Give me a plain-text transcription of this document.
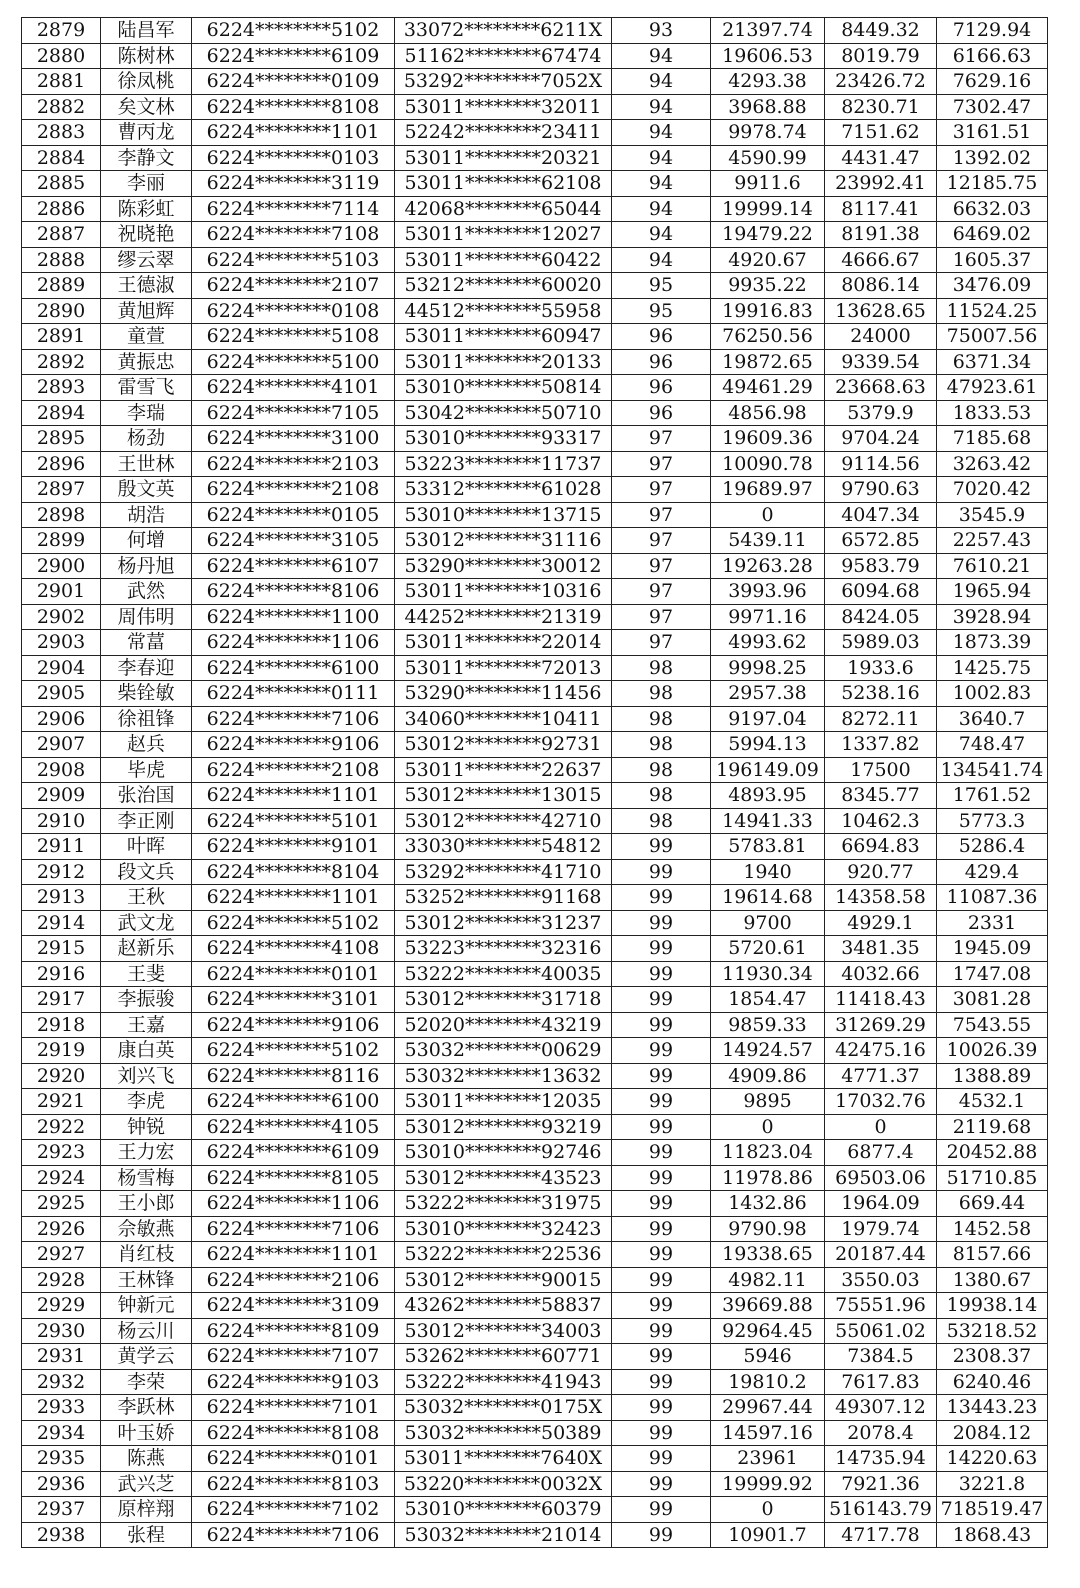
2879	陆昌军	6224********5102	33072********6211X	93	21397.74	8449.32	7129.94
2880	陈树林	6224********6109	51162********67474	94	19606.53	8019.79	6166.63
2881	徐凤桃	6224********0109	53292********7052X	94	4293.38	23426.72	7629.16
2882	矣文林	6224********8108	53011********32011	94	3968.88	8230.71	7302.47
2883	曹丙龙	6224********1101	52242********23411	94	9978.74	7151.62	3161.51
2884	李静文	6224********0103	53011********20321	94	4590.99	4431.47	1392.02
2885	李丽	6224********3119	53011********62108	94	9911.6	23992.41	12185.75
2886	陈彩虹	6224********7114	42068********65044	94	19999.14	8117.41	6632.03
2887	祝晓艳	6224********7108	53011********12027	94	19479.22	8191.38	6469.02
2888	缪云翠	6224********5103	53011********60422	94	4920.67	4666.67	1605.37
2889	王德淑	6224********2107	53212********60020	95	9935.22	8086.14	3476.09
2890	黄旭辉	6224********0108	44512********55958	95	19916.83	13628.65	11524.25
2891	童萱	6224********5108	53011********60947	96	76250.56	24000	75007.56
2892	黄振忠	6224********5100	53011********20133	96	19872.65	9339.54	6371.34
2893	雷雪飞	6224********4101	53010********50814	96	49461.29	23668.63	47923.61
2894	李瑞	6224********7105	53042********50710	96	4856.98	5379.9	1833.53
2895	杨劲	6224********3100	53010********93317	97	19609.36	9704.24	7185.68
2896	王世林	6224********2103	53223********11737	97	10090.78	9114.56	3263.42
2897	殷文英	6224********2108	53312********61028	97	19689.97	9790.63	7020.42
2898	胡浩	6224********0105	53010********13715	97	0	4047.34	3545.9
2899	何增	6224********3105	53012********31116	97	5439.11	6572.85	2257.43
2900	杨丹旭	6224********6107	53290********30012	97	19263.28	9583.79	7610.21
2901	武然	6224********8106	53011********10316	97	3993.96	6094.68	1965.94
2902	周伟明	6224********1100	44252********21319	97	9971.16	8424.05	3928.94
2903	常葍	6224********1106	53011********22014	97	4993.62	5989.03	1873.39
2904	李春迎	6224********6100	53011********72013	98	9998.25	1933.6	1425.75
2905	柴铨敏	6224********0111	53290********11456	98	2957.38	5238.16	1002.83
2906	徐祖锋	6224********7106	34060********10411	98	9197.04	8272.11	3640.7
2907	赵兵	6224********9106	53012********92731	98	5994.13	1337.82	748.47
2908	毕虎	6224********2108	53011********22637	98	196149.09	17500	134541.74
2909	张治国	6224********1101	53012********13015	98	4893.95	8345.77	1761.52
2910	李正刚	6224********5101	53012********42710	98	14941.33	10462.3	5773.3
2911	叶晖	6224********9101	33030********54812	99	5783.81	6694.83	5286.4
2912	段文兵	6224********8104	53292********41710	99	1940	920.77	429.4
2913	王秋	6224********1101	53252********91168	99	19614.68	14358.58	11087.36
2914	武文龙	6224********5102	53012********31237	99	9700	4929.1	2331
2915	赵新乐	6224********4108	53223********32316	99	5720.61	3481.35	1945.09
2916	王斐	6224********0101	53222********40035	99	11930.34	4032.66	1747.08
2917	李振骏	6224********3101	53012********31718	99	1854.47	11418.43	3081.28
2918	王嘉	6224********9106	52020********43219	99	9859.33	31269.29	7543.55
2919	康白英	6224********5102	53032********00629	99	14924.57	42475.16	10026.39
2920	刘兴飞	6224********8116	53032********13632	99	4909.86	4771.37	1388.89
2921	李虎	6224********6100	53011********12035	99	9895	17032.76	4532.1
2922	钟锐	6224********4105	53012********93219	99	0	0	2119.68
2923	王力宏	6224********6109	53010********92746	99	11823.04	6877.4	20452.88
2924	杨雪梅	6224********8105	53012********43523	99	11978.86	69503.06	51710.85
2925	王小郎	6224********1106	53222********31975	99	1432.86	1964.09	669.44
2926	佘敏燕	6224********7106	53010********32423	99	9790.98	1979.74	1452.58
2927	肖红枝	6224********1101	53222********22536	99	19338.65	20187.44	8157.66
2928	王林锋	6224********2106	53012********90015	99	4982.11	3550.03	1380.67
2929	钟新元	6224********3109	43262********58837	99	39669.88	75551.96	19938.14
2930	杨云川	6224********8109	53012********34003	99	92964.45	55061.02	53218.52
2931	黄学云	6224********7107	53262********60771	99	5946	7384.5	2308.37
2932	李荣	6224********9103	53222********41943	99	19810.2	7617.83	6240.46
2933	李跃林	6224********7101	53032********0175X	99	29967.44	49307.12	13443.23
2934	叶玉娇	6224********8108	53032********50389	99	14597.16	2078.4	2084.12
2935	陈燕	6224********0101	53011********7640X	99	23961	14735.94	14220.63
2936	武兴芝	6224********8103	53220********0032X	99	19999.92	7921.36	3221.8
2937	原梓翔	6224********7102	53010********60379	99	0	516143.79	718519.47
2938	张程	6224********7106	53032********21014	99	10901.7	4717.78	1868.43
